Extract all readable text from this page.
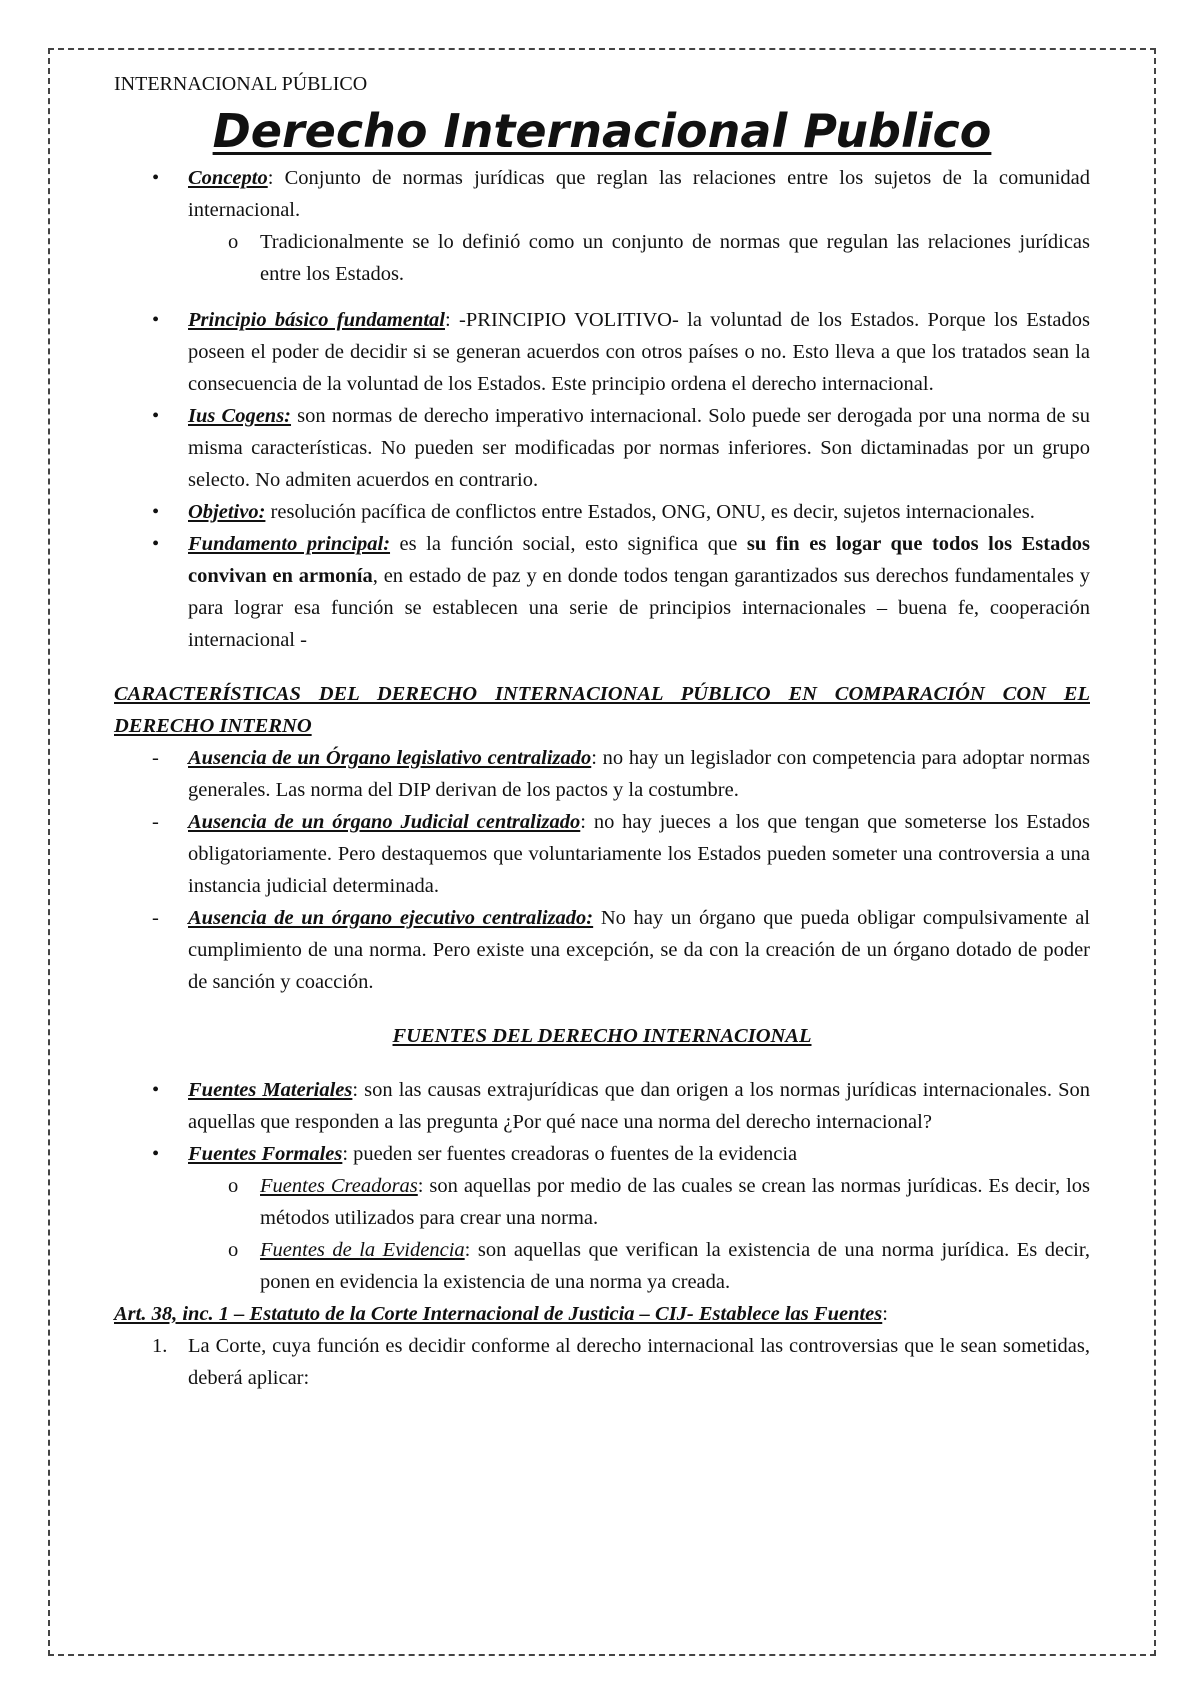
INTERNACIONAL PÚBLICO

Derecho Internacional Publico
• Concepto: Conjunto de normas jurídicas que reglan las relaciones entre los sujetos de la comunidad internacional.
o Tradicionalmente se lo definió como un conjunto de normas que regulan las relaciones jurídicas entre los Estados.
• Principio básico fundamental: -PRINCIPIO VOLITIVO- la voluntad de los Estados. Porque los Estados poseen el poder de decidir si se generan acuerdos con otros países o no. Esto lleva a que los tratados sean la consecuencia de la voluntad de los Estados. Este principio ordena el derecho internacional.
• Ius Cogens: son normas de derecho imperativo internacional. Solo puede ser derogada por una norma de su misma características. No pueden ser modificadas por normas inferiores. Son dictaminadas por un grupo selecto. No admiten acuerdos en contrario.
• Objetivo: resolución pacífica de conflictos entre Estados, ONG, ONU, es decir, sujetos internacionales.
• Fundamento principal: es la función social, esto significa que su fin es logar que todos los Estados convivan en armonía, en estado de paz y en donde todos tengan garantizados sus derechos fundamentales y para lograr esa función se establecen una serie de principios internacionales – buena fe, cooperación internacional -
CARACTERÍSTICAS DEL DERECHO INTERNACIONAL PÚBLICO EN COMPARACIÓN CON EL DERECHO INTERNO
- Ausencia de un Órgano legislativo centralizado: no hay un legislador con competencia para adoptar normas generales. Las norma del DIP derivan de los pactos y la costumbre.
- Ausencia de un órgano Judicial centralizado: no hay jueces a los que tengan que someterse los Estados obligatoriamente. Pero destaquemos que voluntariamente los Estados pueden someter una controversia a una instancia judicial determinada.
- Ausencia de un órgano ejecutivo centralizado: No hay un órgano que pueda obligar compulsivamente al cumplimiento de una norma. Pero existe una excepción, se da con la creación de un órgano dotado de poder de sanción y coacción.
FUENTES DEL DERECHO INTERNACIONAL
• Fuentes Materiales: son las causas extrajurídicas que dan origen a los normas jurídicas internacionales. Son aquellas que responden a las pregunta ¿Por qué nace una norma del derecho internacional?
• Fuentes Formales: pueden ser fuentes creadoras o fuentes de la evidencia
o Fuentes Creadoras: son aquellas por medio de las cuales se crean las normas jurídicas. Es decir, los métodos utilizados para crear una norma.
o Fuentes de la Evidencia: son aquellas que verifican la existencia de una norma jurídica. Es decir, ponen en evidencia la existencia de una norma ya creada.
Art. 38, inc. 1 – Estatuto de la Corte Internacional de Justicia – CIJ- Establece las Fuentes:
1. La Corte, cuya función es decidir conforme al derecho internacional las controversias que le sean sometidas, deberá aplicar:
